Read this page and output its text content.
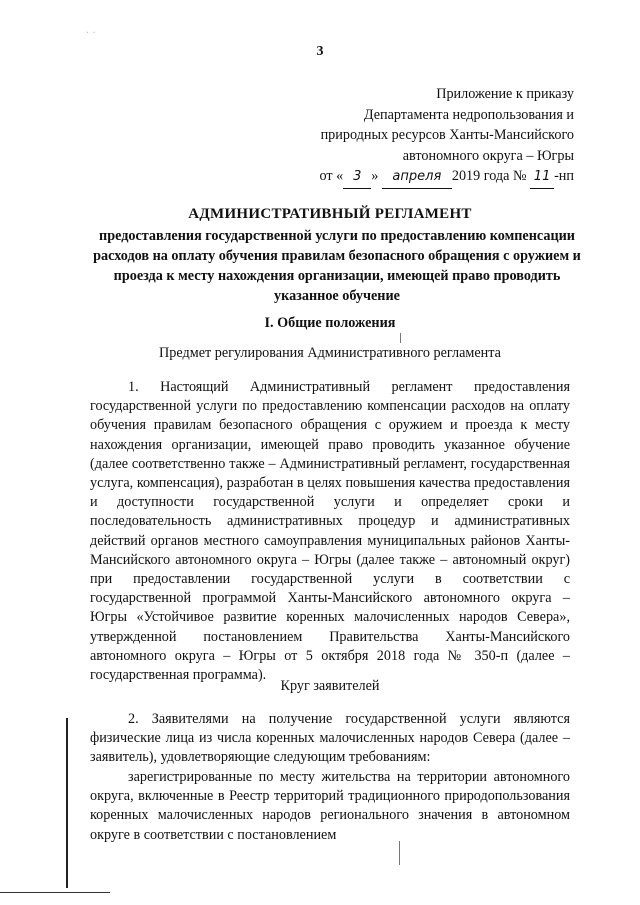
· ·
3
Приложение к приказу
Департамента недропользования и
природных ресурсов Ханты-Мансийского
автономного округа – Югры
от « 3 » апреля 2019 года № 11 -нп
АДМИНИСТРАТИВНЫЙ РЕГЛАМЕНТ
предоставления государственной услуги по предоставлению компенсации расходов на оплату обучения правилам безопасного обращения с оружием и проезда к месту нахождения организации, имеющей право проводить указанное обучение
I. Общие положения
Предмет регулирования Административного регламента

1. Настоящий Административный регламент предоставления государственной услуги по предоставлению компенсации расходов на оплату обучения правилам безопасного обращения с оружием и проезда к месту нахождения организации, имеющей право проводить указанное обучение (далее соответственно также – Административный регламент, государственная услуга, компенсация), разработан в целях повышения качества предоставления и доступности государственной услуги и определяет сроки и последовательность административных процедур и административных действий органов местного самоуправления муниципальных районов Ханты-Мансийского автономного округа – Югры (далее также – автономный округ) при предоставлении государственной услуги в соответствии с государственной программой Ханты-Мансийского автономного округа – Югры «Устойчивое развитие коренных малочисленных народов Севера», утвержденной постановлением Правительства Ханты-Мансийского автономного округа – Югры от 5 октября 2018 года № 350-п (далее – государственная программа).

Круг заявителей

2. Заявителями на получение государственной услуги являются физические лица из числа коренных малочисленных народов Севера (далее – заявитель), удовлетворяющие следующим требованиям:

зарегистрированные по месту жительства на территории автономного округа, включенные в Реестр территорий традиционного природопользования коренных малочисленных народов регионального значения в автономном округе в соответствии с постановлением
